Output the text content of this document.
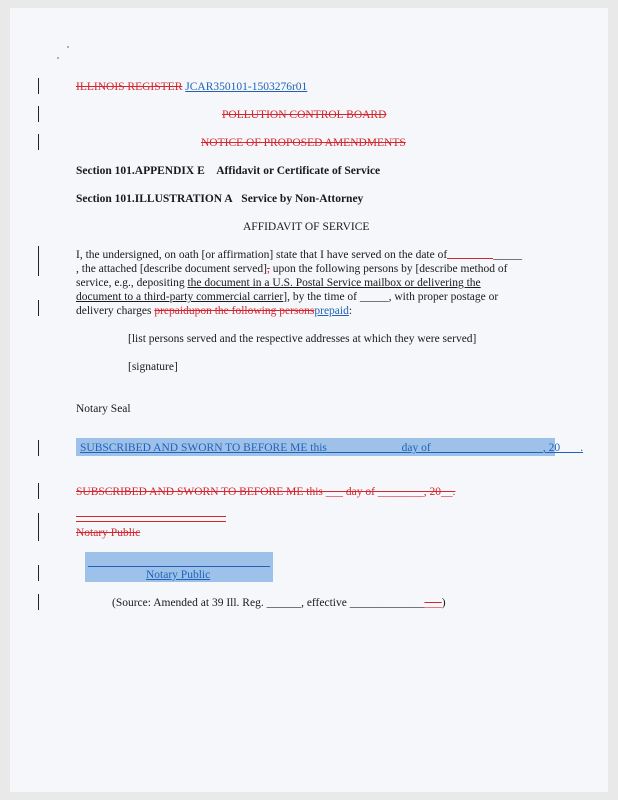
ILLINOIS REGISTER JCAR350101-1503276r01
POLLUTION CONTROL BOARD
NOTICE OF PROPOSED AMENDMENTS
Section 101.APPENDIX E Affidavit or Certificate of Service
Section 101.ILLUSTRATION A Service by Non-Attorney
AFFIDAVIT OF SERVICE
I, the undersigned, on oath [or affirmation] state that I have served on the date of	_____
, the attached [describe document served], upon the following persons by [describe method of
service, e.g., depositing the document in a U.S. Postal Service mailbox or delivering the
document to a third-party commercial carrier], by the time of _____, with proper postage or
delivery charges prepaidupon the following personsprepaid:
[list persons served and the respective addresses at which they were served]
[signature]
Notary Seal
SUBSCRIBED AND SWORN TO BEFORE ME this ____________ day of ___________________, 20 ___.
SUBSCRIBED AND SWORN TO BEFORE ME this ___ day of ________, 20__.
Notary Public
Notary Public
(Source: Amended at 39 Ill. Reg. ______, effective ________________)
